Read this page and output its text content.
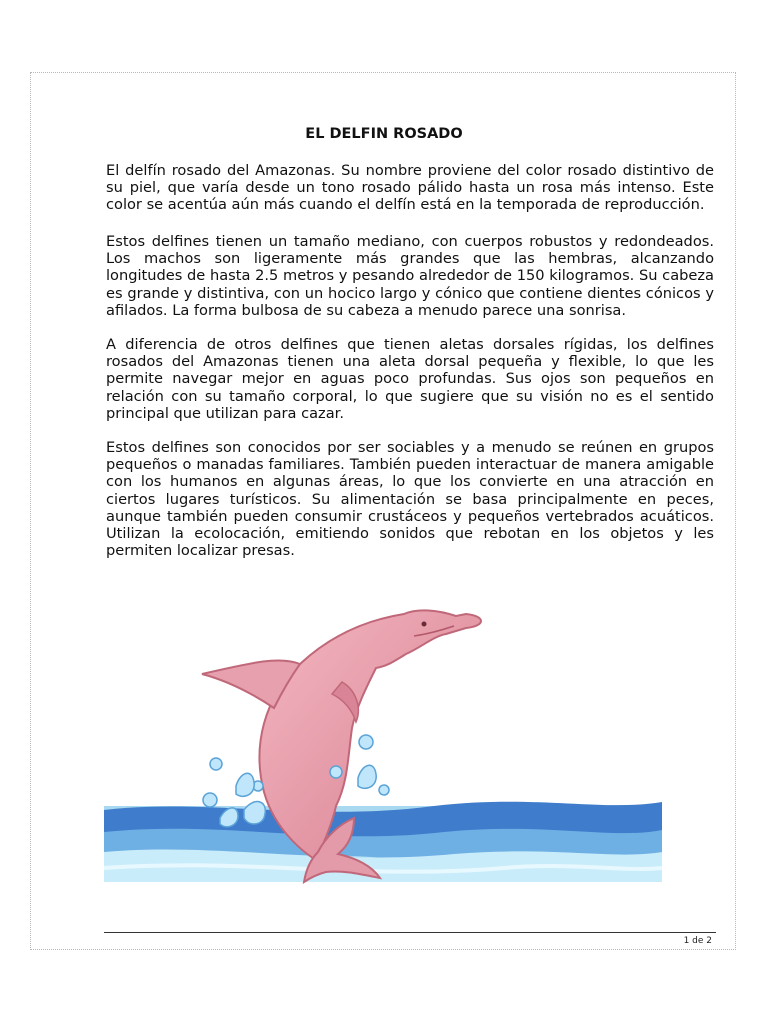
EL DELFIN ROSADO

El delfín rosado del Amazonas. Su nombre proviene del color rosado distintivo de su piel, que varía desde un tono rosado pálido hasta un rosa más intenso. Este color se acentúa aún más cuando el delfín está en la temporada de reproducción.

Estos delfines tienen un tamaño mediano, con cuerpos robustos y redondeados. Los machos son ligeramente más grandes que las hembras, alcanzando longitudes de hasta 2.5 metros y pesando alrededor de 150 kilogramos. Su cabeza es grande y distintiva, con un hocico largo y cónico que contiene dientes cónicos y afilados. La forma bulbosa de su cabeza a menudo parece una sonrisa.

A diferencia de otros delfines que tienen aletas dorsales rígidas, los delfines rosados del Amazonas tienen una aleta dorsal pequeña y flexible, lo que les permite navegar mejor en aguas poco profundas. Sus ojos son pequeños en relación con su tamaño corporal, lo que sugiere que su visión no es el sentido principal que utilizan para cazar.

Estos delfines son conocidos por ser sociables y a menudo se reúnen en grupos pequeños o manadas familiares. También pueden interactuar de manera amigable con los humanos en algunas áreas, lo que los convierte en una atracción en ciertos lugares turísticos. Su alimentación se basa principalmente en peces, aunque también pueden consumir crustáceos y pequeños vertebrados acuáticos. Utilizan la ecolocación, emitiendo sonidos que rebotan en los objetos y les permiten localizar presas.

1 de 2
